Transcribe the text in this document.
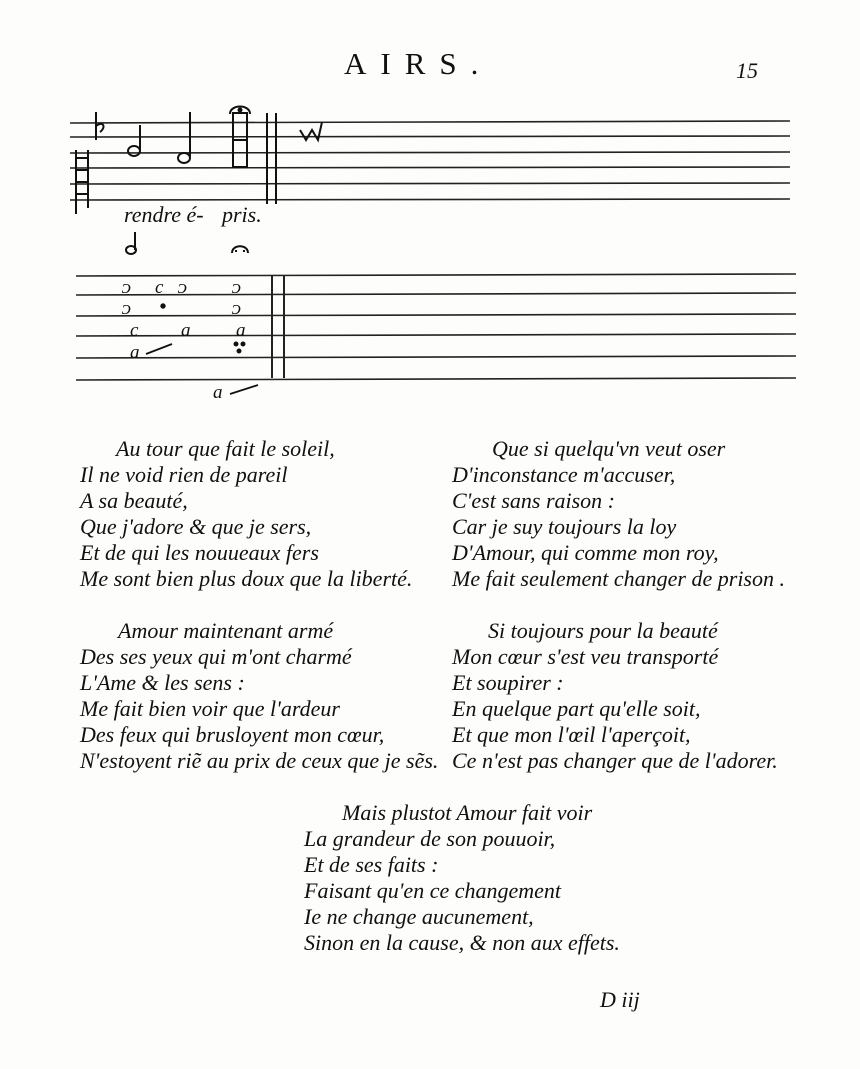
AIRS.	15
ᴐ c ᴐ ᴐ
ᴐ	ᴐ
c a a
a
a
rendre é- pris.
Au tour que fait le soleil,
Il ne void rien de pareil
A sa beauté,
Que j'adore & que je sers,
Et de qui les nouueaux fers
Me sont bien plus doux que la liberté.
Que si quelqu'vn veut oser
D'inconstance m'accuser,
C'est sans raison :
Car je suy toujours la loy
D'Amour, qui comme mon roy,
Me fait seulement changer de prison .
Amour maintenant armé
Des ses yeux qui m'ont charmé
L'Ame & les sens :
Me fait bien voir que l'ardeur
Des feux qui brusloyent mon cœur,
N'estoyent riẽ au prix de ceux que je sẽs.
Si toujours pour la beauté
Mon cœur s'est veu transporté
Et soupirer :
En quelque part qu'elle soit,
Et que mon l'œil l'aperçoit,
Ce n'est pas changer que de l'adorer.
Mais plustot Amour fait voir
La grandeur de son pouuoir,
Et de ses faits :
Faisant qu'en ce changement
Ie ne change aucunement,
Sinon en la cause, & non aux effets.
D iij
